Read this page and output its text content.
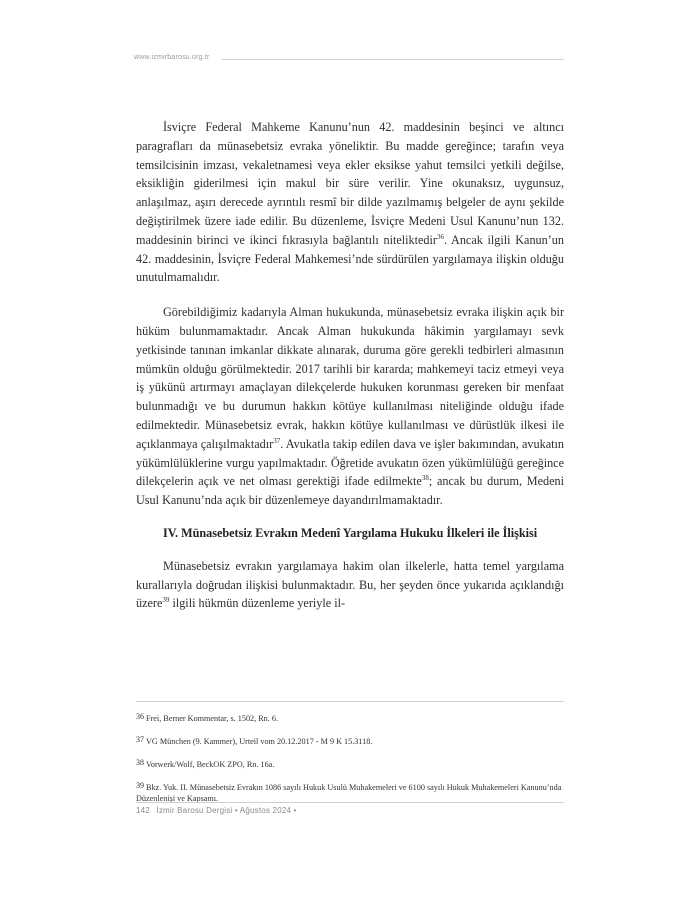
www.izmirbarosu.org.tr

İsviçre Federal Mahkeme Kanunu’nun 42. maddesinin beşinci ve altıncı paragrafları da münasebetsiz evraka yöneliktir. Bu madde gereğince; tarafın veya temsilcisinin imzası, vekaletnamesi veya ekler eksikse yahut temsilci yetkili değilse, eksikliğin giderilmesi için makul bir süre verilir. Yine okunaksız, uygunsuz, anlaşılmaz, aşırı derecede ayrıntılı resmî bir dilde yazılmamış belgeler de aynı şekilde değiştirilmek üzere iade edilir. Bu düzenleme, İsviçre Medeni Usul Kanunu’nun 132. maddesinin birinci ve ikinci fıkrasıyla bağlantılı niteliktedir$^{36}$. Ancak ilgili Kanun’un 42. maddesinin, İsviçre Federal Mahkemesi’nde sürdürülen yargılamaya ilişkin olduğu unutulmamalıdır.

Görebildiğimiz kadarıyla Alman hukukunda, münasebetsiz evraka ilişkin açık bir hüküm bulunmamaktadır. Ancak Alman hukukunda hâkimin yargılamayı sevk yetkisinde tanınan imkanlar dikkate alınarak, duruma göre gerekli tedbirleri almasının mümkün olduğu görülmektedir. 2017 tarihli bir kararda; mahkemeyi taciz etmeyi veya iş yükünü artırmayı amaçlayan dilekçelerde hukuken korunması gereken bir menfaat bulunmadığı ve bu durumun hakkın kötüye kullanılması niteliğinde olduğu ifade edilmektedir. Münasebetsiz evrak, hakkın kötüye kullanılması ve dürüstlük ilkesi ile açıklanmaya çalışılmaktadır$^{37}$. Avukatla takip edilen dava ve işler bakımından, avukatın yükümlülüklerine vurgu yapılmaktadır. Öğretide avukatın özen yükümlülüğü gereğince dilekçelerin açık ve net olması gerektiği ifade edilmekte$^{38}$; ancak bu durum, Medeni Usul Kanunu’nda açık bir düzenlemeye dayandırılmamaktadır.

IV. Münasebetsiz Evrakın Medenî Yargılama Hukuku İlkeleri ile İlişkisi

Münasebetsiz evrakın yargılamaya hakim olan ilkelerle, hatta temel yargılama kurallarıyla doğrudan ilişkisi bulunmaktadır. Bu, her şeyden önce yukarıda açıklandığı üzere$^{39}$ ilgili hükmün düzenleme yeriyle il-

36 Frei, Berner Kommentar, s. 1502, Rn. 6.

37 VG München (9. Kammer), Urteil vom 20.12.2017 - M 9 K 15.3118.

38 Vorwerk/Wolf, BeckOK ZPO, Rn. 16a.

39 Bkz. Yuk. II. Münasebetsiz Evrakın 1086 sayılı Hukuk Usulü Muhakemeleri ve 6100 sayılı Hukuk Muhakemeleri Kanunu’nda Düzenlenişi ve Kapsamı.

142 İzmir Barosu Dergisi • Ağustos 2024 •
